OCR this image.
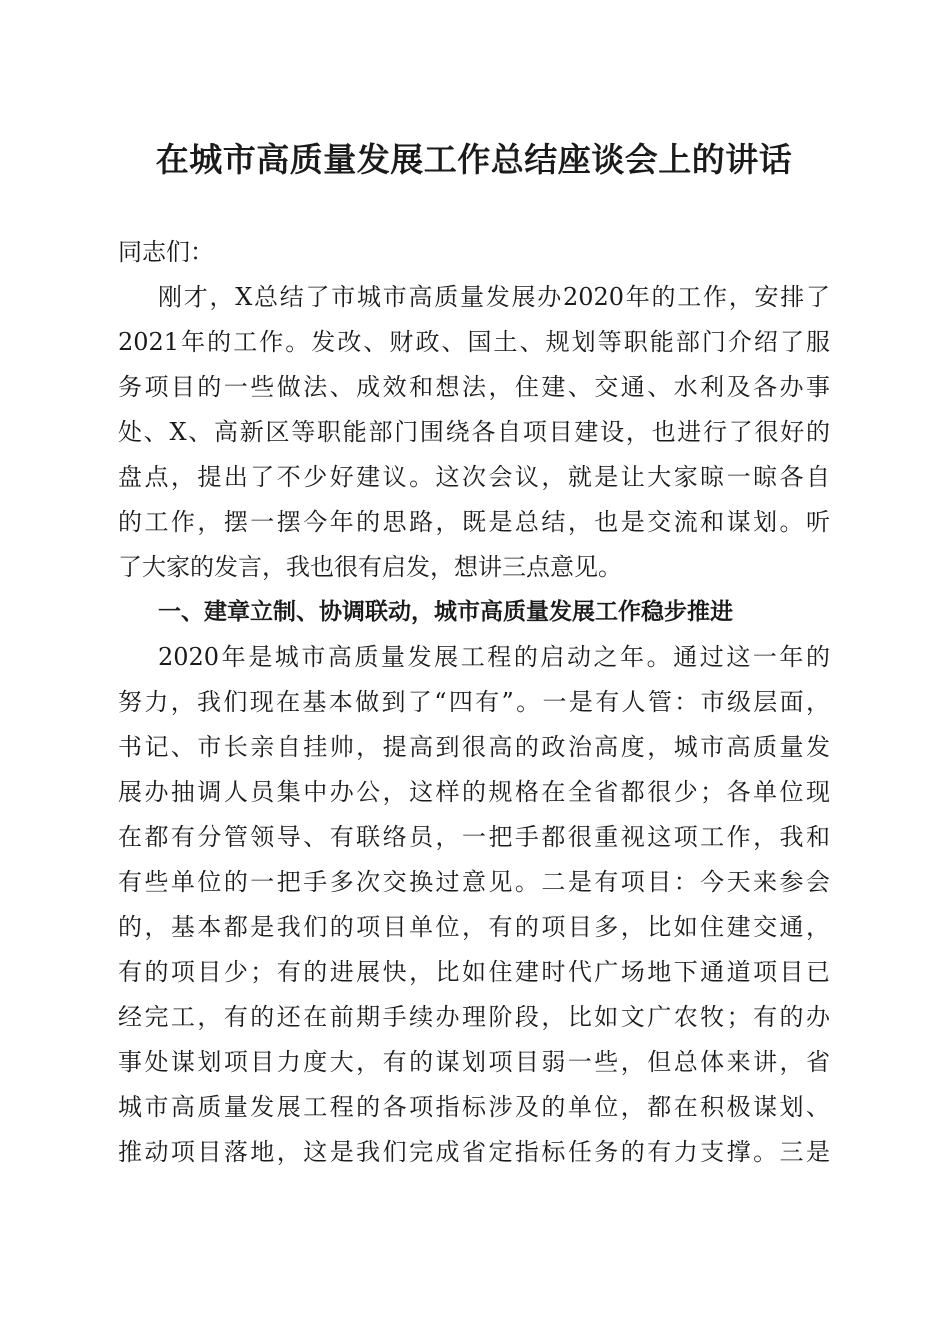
在城市高质量发展工作总结座谈会上的讲话
同志们：
刚才，X总结了市城市高质量发展办2020年的工作，安排了
2021年的工作。发改、财政、国土、规划等职能部门介绍了服
务项目的一些做法、成效和想法，住建、交通、水利及各办事
处、X、高新区等职能部门围绕各自项目建设，也进行了很好的
盘点，提出了不少好建议。这次会议，就是让大家晾一晾各自
的工作，摆一摆今年的思路，既是总结，也是交流和谋划。听
了大家的发言，我也很有启发，想讲三点意见。
一、建章立制、协调联动，城市高质量发展工作稳步推进
2020年是城市高质量发展工程的启动之年。通过这一年的
努力，我们现在基本做到了“四有”。一是有人管：市级层面，
书记、市长亲自挂帅，提高到很高的政治高度，城市高质量发
展办抽调人员集中办公，这样的规格在全省都很少；各单位现
在都有分管领导、有联络员，一把手都很重视这项工作，我和
有些单位的一把手多次交换过意见。二是有项目：今天来参会
的，基本都是我们的项目单位，有的项目多，比如住建交通，
有的项目少；有的进展快，比如住建时代广场地下通道项目已
经完工，有的还在前期手续办理阶段，比如文广农牧；有的办
事处谋划项目力度大，有的谋划项目弱一些，但总体来讲，省
城市高质量发展工程的各项指标涉及的单位，都在积极谋划、
推动项目落地，这是我们完成省定指标任务的有力支撑。三是
